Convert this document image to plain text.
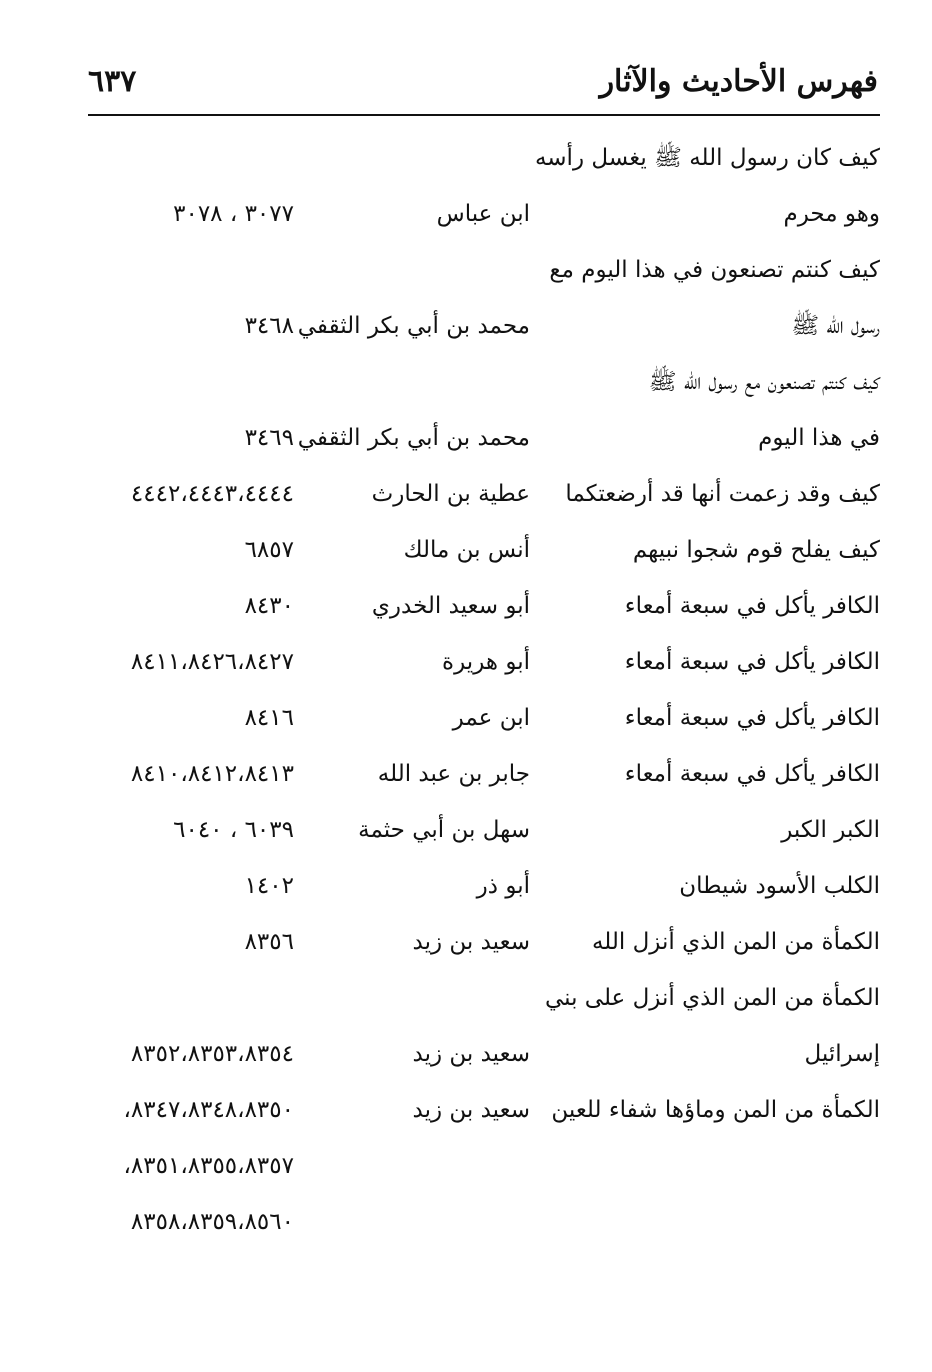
فهرس الأحاديث والآثار
٦٣٧
كيف كان رسول الله ﷺ يغسل رأسه
وهو محرم
ابن عباس
٣٠٧٧ ، ٣٠٧٨
كيف كنتم تصنعون في هذا اليوم مع
رسول الله ﷺ
محمد بن أبي بكر الثقفي
٣٤٦٨
كيف كنتم تصنعون مع رسول الله ﷺ
في هذا اليوم
محمد بن أبي بكر الثقفي
٣٤٦٩
كيف وقد زعمت أنها قد أرضعتكما
عطية بن الحارث
٤٤٤٢،٤٤٤٣،٤٤٤٤
كيف يفلح قوم شجوا نبيهم
أنس بن مالك
٦٨٥٧
الكافر يأكل في سبعة أمعاء
أبو سعيد الخدري
٨٤٣٠
الكافر يأكل في سبعة أمعاء
أبو هريرة
٨٤١١،٨٤٢٦،٨٤٢٧
الكافر يأكل في سبعة أمعاء
ابن عمر
٨٤١٦
الكافر يأكل في سبعة أمعاء
جابر بن عبد الله
٨٤١٠،٨٤١٢،٨٤١٣
الكبر الكبر
سهل بن أبي حثمة
٦٠٣٩ ، ٦٠٤٠
الكلب الأسود شيطان
أبو ذر
١٤٠٢
الكمأة من المن الذي أنزل الله
سعيد بن زيد
٨٣٥٦
الكمأة من المن الذي أنزل على بني
إسرائيل
سعيد بن زيد
٨٣٥٢،٨٣٥٣،٨٣٥٤
الكمأة من المن وماؤها شفاء للعين
سعيد بن زيد
٨٣٤٧،٨٣٤٨،٨٣٥٠،
٨٣٥١،٨٣٥٥،٨٣٥٧،
٨٣٥٨،٨٣٥٩،٨٥٦٠
